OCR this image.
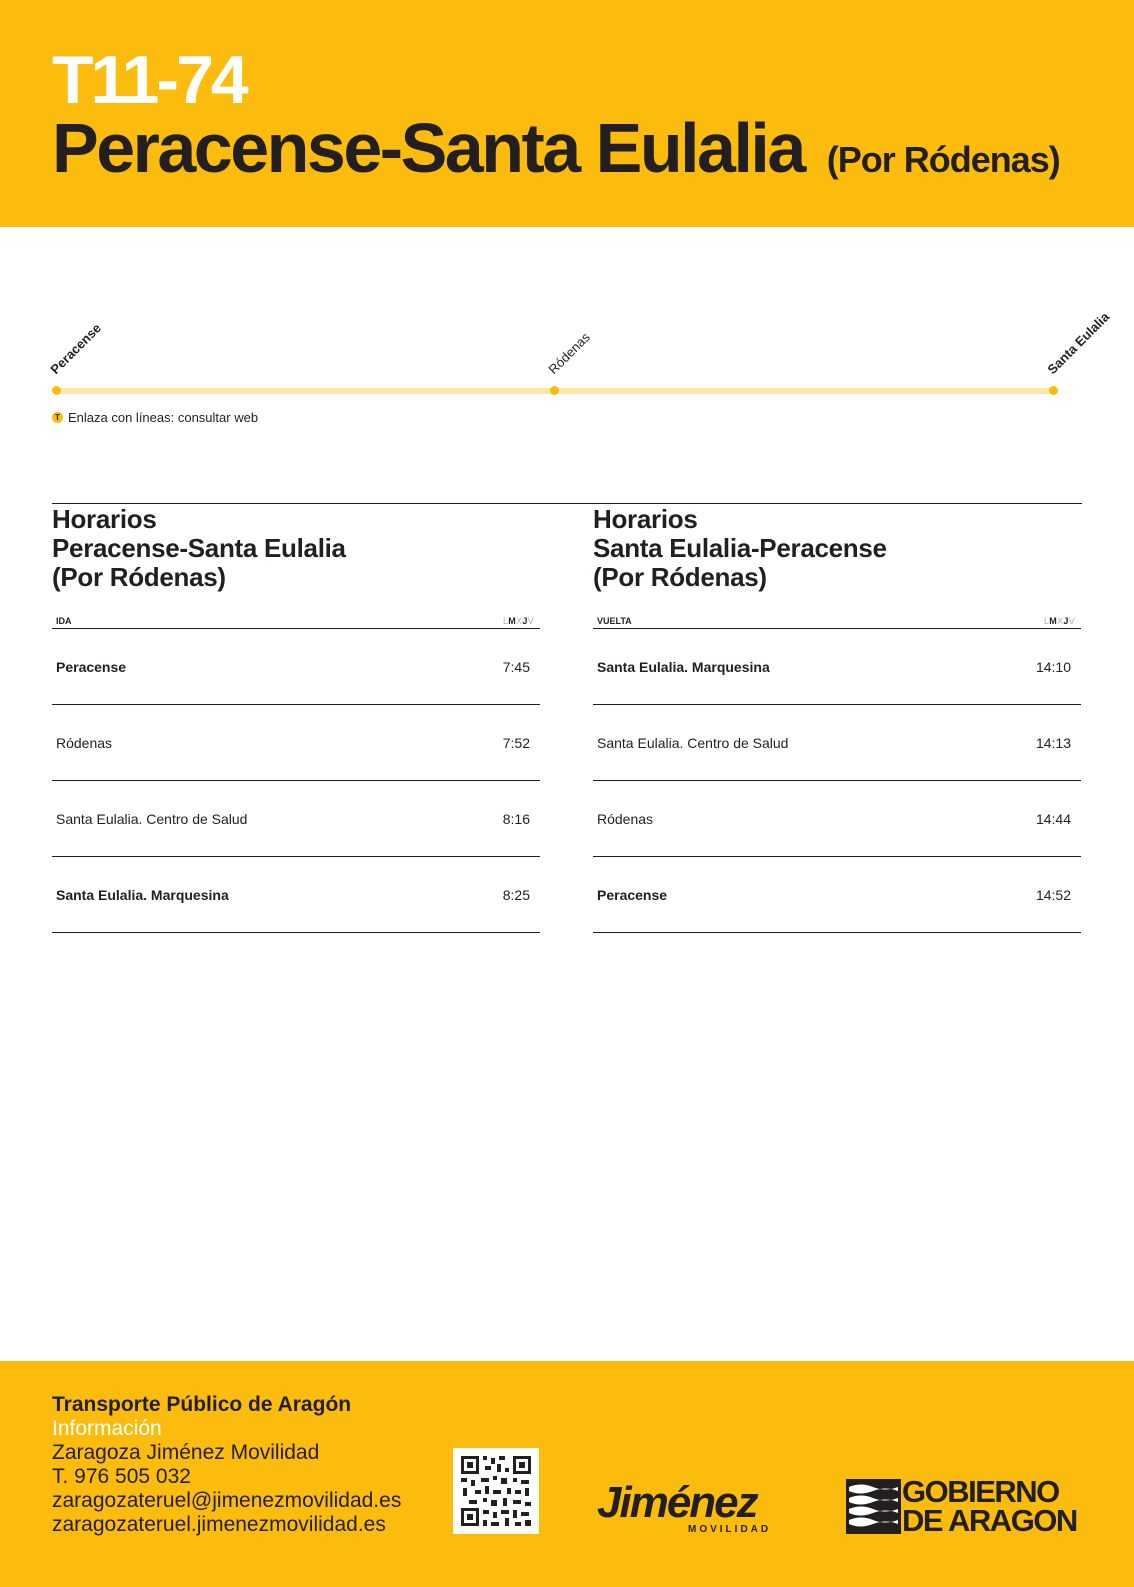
T11-74
Peracense-Santa Eulalia (Por Ródenas)
Peracense	Ródenas	Santa Eulalia
T Enlaza con líneas: consultar web
Horarios
Peracense-Santa Eulalia
(Por Ródenas)
IDA	LMXJV
Peracense	7:45
Ródenas	7:52
Santa Eulalia. Centro de Salud	8:16
Santa Eulalia. Marquesina	8:25
Horarios
Santa Eulalia-Peracense
(Por Ródenas)
VUELTA	LMXJV
Santa Eulalia. Marquesina	14:10
Santa Eulalia. Centro de Salud	14:13
Ródenas	14:44
Peracense	14:52
Transporte Público de Aragón
Información
Zaragoza Jiménez Movilidad
T. 976 505 032
zaragozateruel@jimenezmovilidad.es
zaragozateruel.jimenezmovilidad.es	Jiménez
MOVILIDAD
GOBIERNO
DE ARAGON
